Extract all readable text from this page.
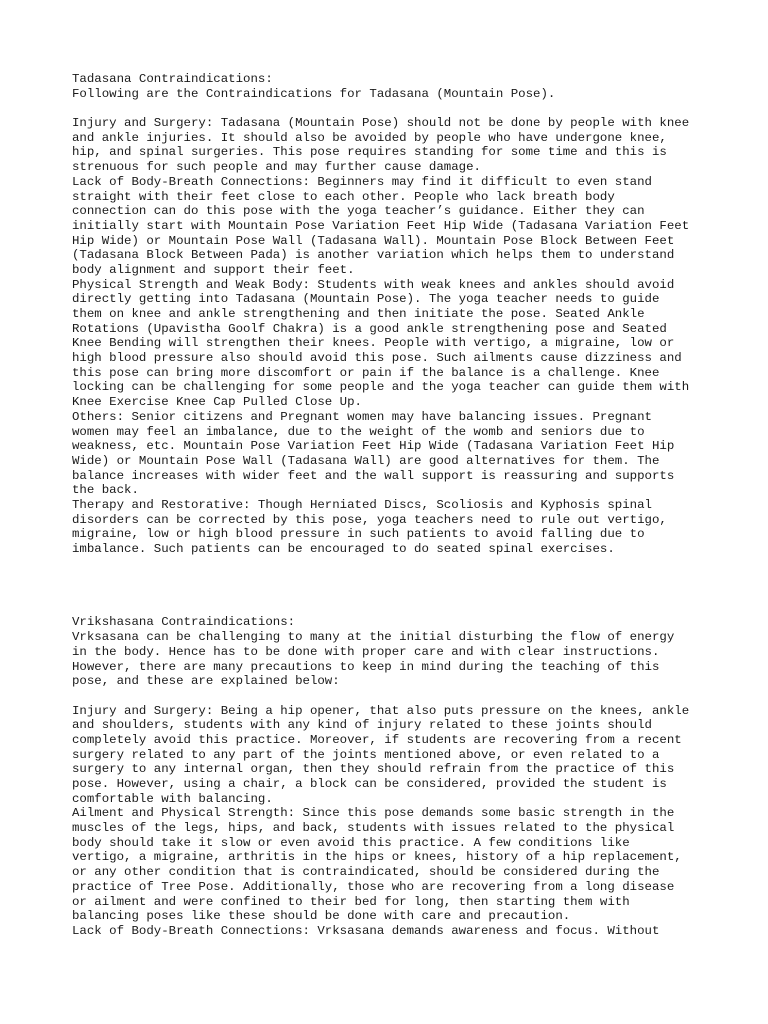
Tadasana Contraindications:
Following are the Contraindications for Tadasana (Mountain Pose).
Injury and Surgery: Tadasana (Mountain Pose) should not be done by people with knee
and ankle injuries. It should also be avoided by people who have undergone knee,
hip, and spinal surgeries. This pose requires standing for some time and this is
strenuous for such people and may further cause damage.
Lack of Body-Breath Connections: Beginners may find it difficult to even stand
straight with their feet close to each other. People who lack breath body
connection can do this pose with the yoga teacher’s guidance. Either they can
initially start with Mountain Pose Variation Feet Hip Wide (Tadasana Variation Feet
Hip Wide) or Mountain Pose Wall (Tadasana Wall). Mountain Pose Block Between Feet
(Tadasana Block Between Pada) is another variation which helps them to understand
body alignment and support their feet.
Physical Strength and Weak Body: Students with weak knees and ankles should avoid
directly getting into Tadasana (Mountain Pose). The yoga teacher needs to guide
them on knee and ankle strengthening and then initiate the pose. Seated Ankle
Rotations (Upavistha Goolf Chakra) is a good ankle strengthening pose and Seated
Knee Bending will strengthen their knees. People with vertigo, a migraine, low or
high blood pressure also should avoid this pose. Such ailments cause dizziness and
this pose can bring more discomfort or pain if the balance is a challenge. Knee
locking can be challenging for some people and the yoga teacher can guide them with
Knee Exercise Knee Cap Pulled Close Up.
Others: Senior citizens and Pregnant women may have balancing issues. Pregnant
women may feel an imbalance, due to the weight of the womb and seniors due to
weakness, etc. Mountain Pose Variation Feet Hip Wide (Tadasana Variation Feet Hip
Wide) or Mountain Pose Wall (Tadasana Wall) are good alternatives for them. The
balance increases with wider feet and the wall support is reassuring and supports
the back.
Therapy and Restorative: Though Herniated Discs, Scoliosis and Kyphosis spinal
disorders can be corrected by this pose, yoga teachers need to rule out vertigo,
migraine, low or high blood pressure in such patients to avoid falling due to
imbalance. Such patients can be encouraged to do seated spinal exercises.
Vrikshasana Contraindications:
Vrksasana can be challenging to many at the initial disturbing the flow of energy
in the body. Hence has to be done with proper care and with clear instructions.
However, there are many precautions to keep in mind during the teaching of this
pose, and these are explained below:
Injury and Surgery: Being a hip opener, that also puts pressure on the knees, ankle
and shoulders, students with any kind of injury related to these joints should
completely avoid this practice. Moreover, if students are recovering from a recent
surgery related to any part of the joints mentioned above, or even related to a
surgery to any internal organ, then they should refrain from the practice of this
pose. However, using a chair, a block can be considered, provided the student is
comfortable with balancing.
Ailment and Physical Strength: Since this pose demands some basic strength in the
muscles of the legs, hips, and back, students with issues related to the physical
body should take it slow or even avoid this practice. A few conditions like
vertigo, a migraine, arthritis in the hips or knees, history of a hip replacement,
or any other condition that is contraindicated, should be considered during the
practice of Tree Pose. Additionally, those who are recovering from a long disease
or ailment and were confined to their bed for long, then starting them with
balancing poses like these should be done with care and precaution.
Lack of Body-Breath Connections: Vrksasana demands awareness and focus. Without
